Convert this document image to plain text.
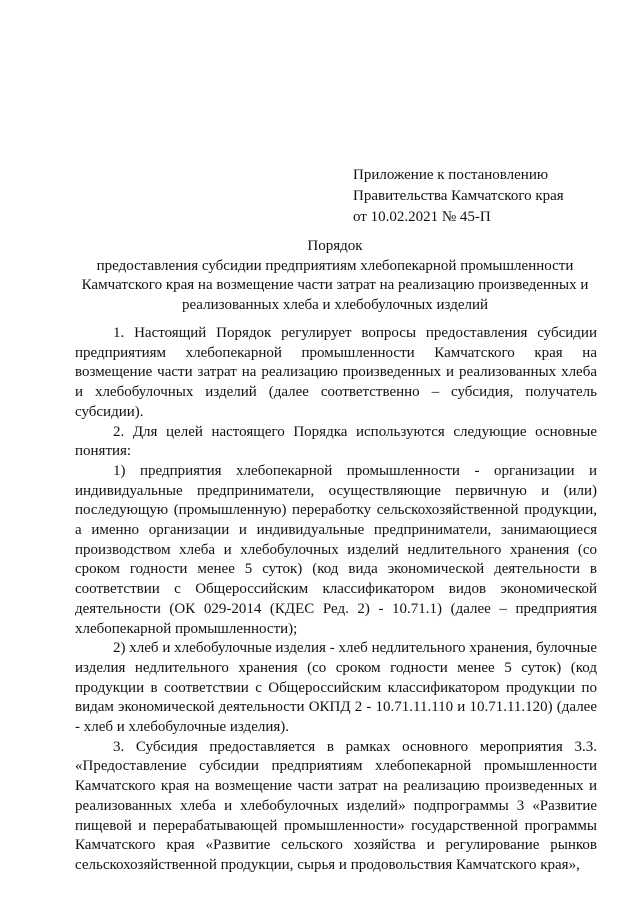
Приложение к постановлению
Правительства Камчатского края
от 10.02.2021 № 45-П
Порядок
предоставления субсидии предприятиям хлебопекарной промышленности
Камчатского края на возмещение части затрат на реализацию произведенных и
реализованных хлеба и хлебобулочных изделий

1. Настоящий Порядок регулирует вопросы предоставления субсидии предприятиям хлебопекарной промышленности Камчатского края на возмещение части затрат на реализацию произведенных и реализованных хлеба и хлебобулочных изделий (далее соответственно – субсидия, получатель субсидии).

2. Для целей настоящего Порядка используются следующие основные понятия:

1) предприятия хлебопекарной промышленности - организации и индивидуальные предприниматели, осуществляющие первичную и (или) последующую (промышленную) переработку сельскохозяйственной продукции, а именно организации и индивидуальные предприниматели, занимающиеся производством хлеба и хлебобулочных изделий недлительного хранения (со сроком годности менее 5 суток) (код вида экономической деятельности в соответствии с Общероссийским классификатором видов экономической деятельности (ОК 029-2014 (КДЕС Ред. 2) - 10.71.1) (далее – предприятия хлебопекарной промышленности);

2) хлеб и хлебобулочные изделия - хлеб недлительного хранения, булочные изделия недлительного хранения (со сроком годности менее 5 суток) (код продукции в соответствии с Общероссийским классификатором продукции по видам экономической деятельности ОКПД 2 - 10.71.11.110 и 10.71.11.120) (далее - хлеб и хлебобулочные изделия).

3. Субсидия предоставляется в рамках основного мероприятия 3.3. «Предоставление субсидии предприятиям хлебопекарной промышленности Камчатского края на возмещение части затрат на реализацию произведенных и реализованных хлеба и хлебобулочных изделий» подпрограммы 3 «Развитие пищевой и перерабатывающей промышленности» государственной программы Камчатского края «Развитие сельского хозяйства и регулирование рынков сельскохозяйственной продукции, сырья и продовольствия Камчатского края»,
